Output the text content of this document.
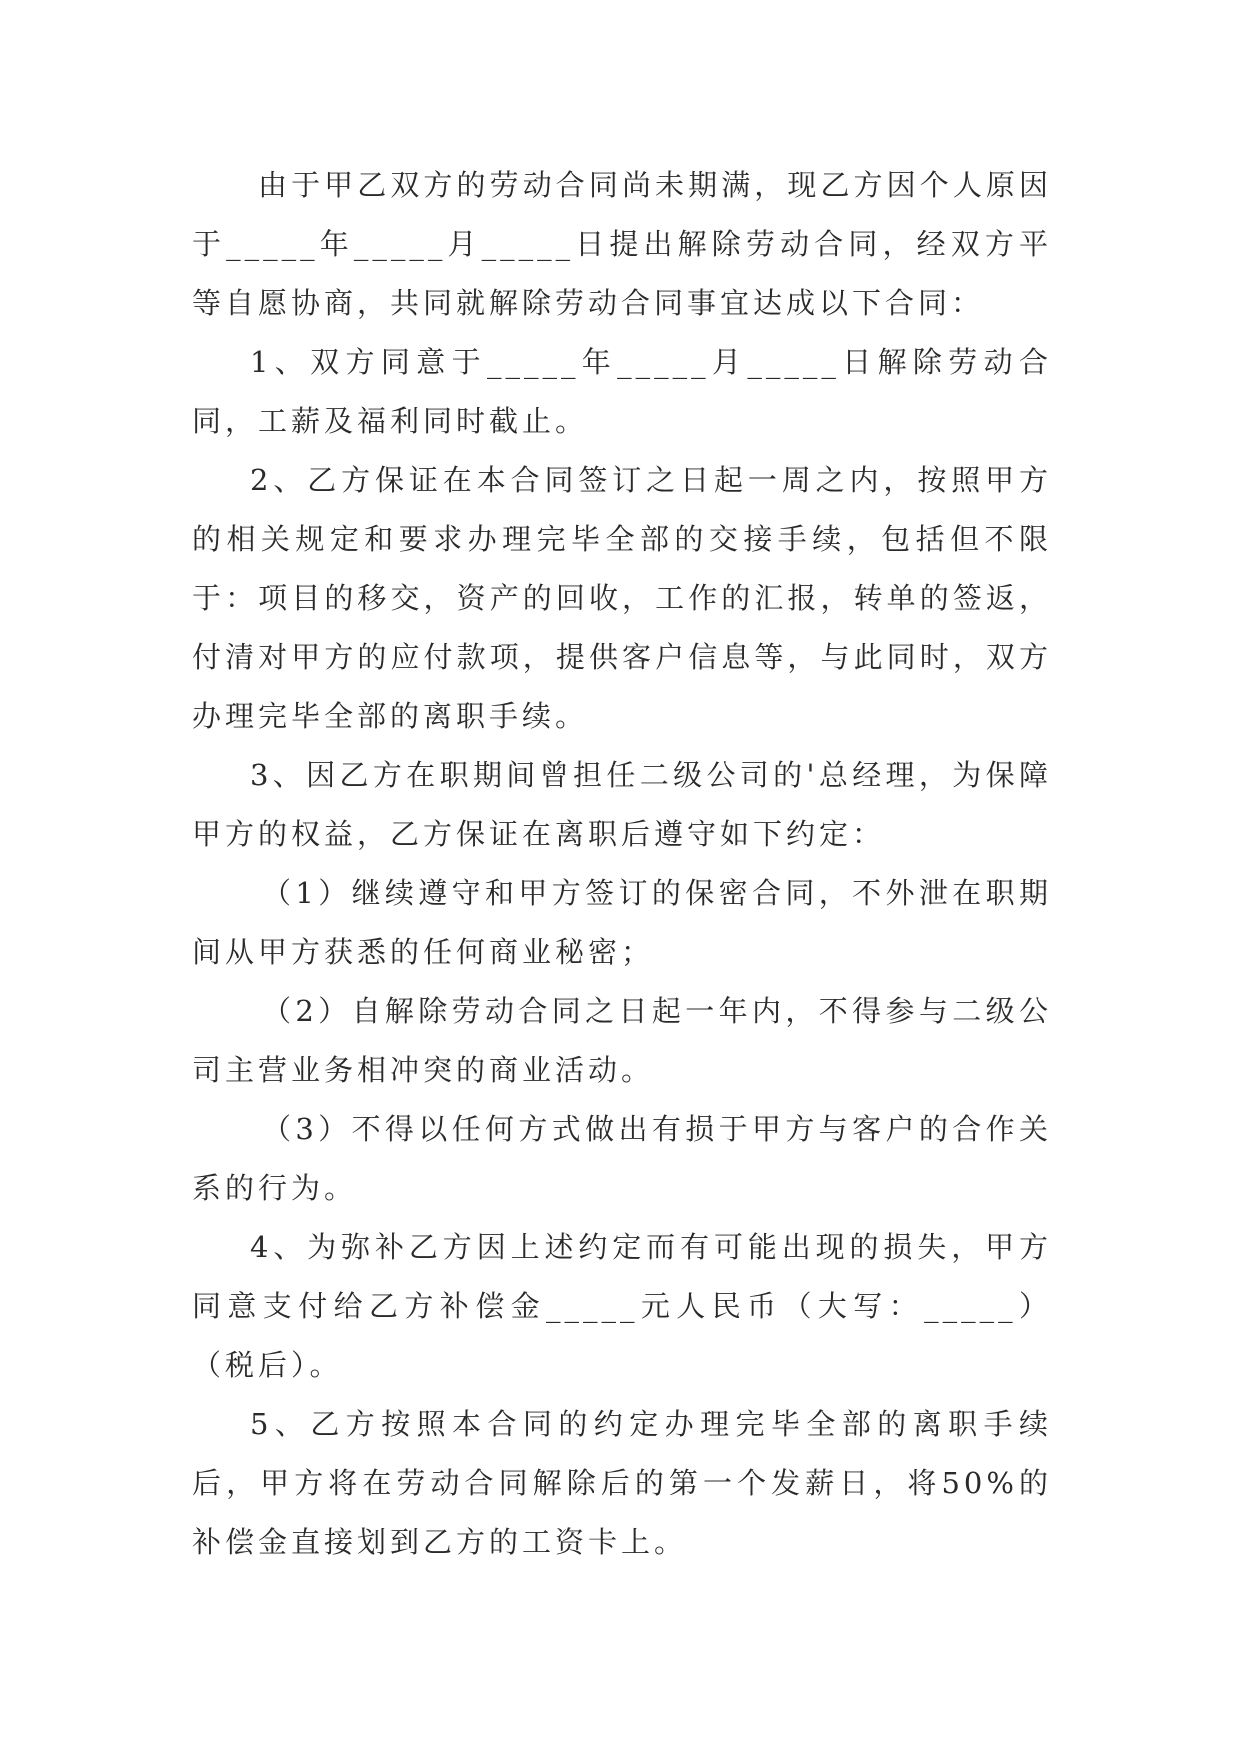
由于甲乙双方的劳动合同尚未期满，现乙方因个人原因于_____年_____月_____日提出解除劳动合同，经双方平等自愿协商，共同就解除劳动合同事宜达成以下合同：

1、双方同意于_____年_____月_____日解除劳动合同，工薪及福利同时截止。

2、乙方保证在本合同签订之日起一周之内，按照甲方的相关规定和要求办理完毕全部的交接手续，包括但不限于：项目的移交，资产的回收，工作的汇报，转单的签返，付清对甲方的应付款项，提供客户信息等，与此同时，双方办理完毕全部的离职手续。

3、因乙方在职期间曾担任二级公司的'总经理，为保障甲方的权益，乙方保证在离职后遵守如下约定：

（1）继续遵守和甲方签订的保密合同，不外泄在职期间从甲方获悉的任何商业秘密；

（2）自解除劳动合同之日起一年内，不得参与二级公司主营业务相冲突的商业活动。

（3）不得以任何方式做出有损于甲方与客户的合作关系的行为。

4、为弥补乙方因上述约定而有可能出现的损失，甲方同意支付给乙方补偿金_____元人民币（大写：_____）（税后）。

5、乙方按照本合同的约定办理完毕全部的离职手续后，甲方将在劳动合同解除后的第一个发薪日，将50%的补偿金直接划到乙方的工资卡上。
